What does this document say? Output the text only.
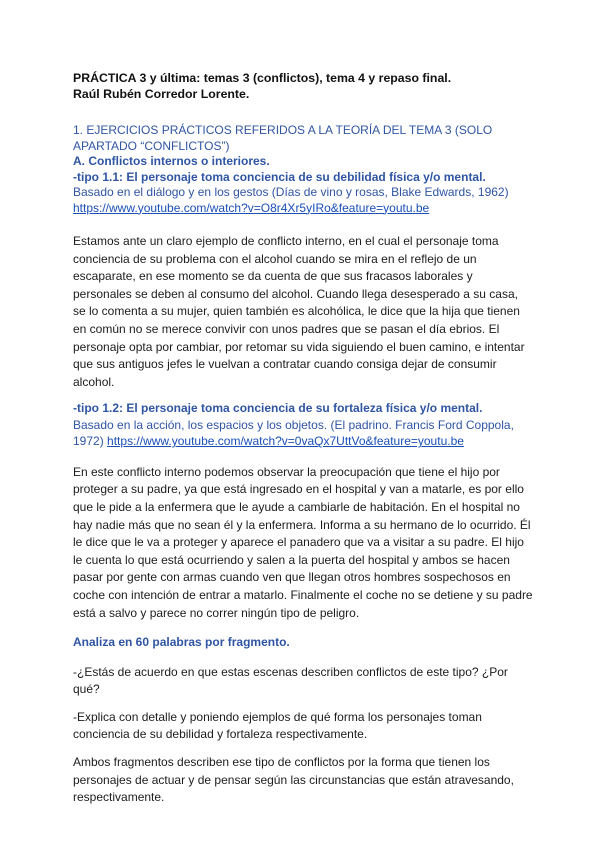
PRÁCTICA 3 y última: temas 3 (conflictos), tema 4 y repaso final.

Raúl Rubén Corredor Lorente.

1. EJERCICIOS PRÁCTICOS REFERIDOS A LA TEORÍA DEL TEMA 3 (SOLO APARTADO “CONFLICTOS”)

A. Conflictos internos o interiores.

-tipo 1.1: El personaje toma conciencia de su debilidad física y/o mental.

Basado en el diálogo y en los gestos (Días de vino y rosas, Blake Edwards, 1962)

https://www.youtube.com/watch?v=O8r4Xr5yIRo&feature=youtu.be

Estamos ante un claro ejemplo de conflicto interno, en el cual el personaje toma conciencia de su problema con el alcohol cuando se mira en el reflejo de un escaparate, en ese momento se da cuenta de que sus fracasos laborales y personales se deben al consumo del alcohol. Cuando llega desesperado a su casa, se lo comenta a su mujer, quien también es alcohólica, le dice que la hija que tienen en común no se merece convivir con unos padres que se pasan el día ebrios. El personaje opta por cambiar, por retomar su vida siguiendo el buen camino, e intentar que sus antiguos jefes le vuelvan a contratar cuando consiga dejar de consumir alcohol.

-tipo 1.2: El personaje toma conciencia de su fortaleza física y/o mental.

Basado en la acción, los espacios y los objetos. (El padrino. Francis Ford Coppola, 1972) https://www.youtube.com/watch?v=0vaQx7UttVo&feature=youtu.be

En este conflicto interno podemos observar la preocupación que tiene el hijo por proteger a su padre, ya que está ingresado en el hospital y van a matarle, es por ello que le pide a la enfermera que le ayude a cambiarle de habitación. En el hospital no hay nadie más que no sean él y la enfermera. Informa a su hermano de lo ocurrido. Él le dice que le va a proteger y aparece el panadero que va a visitar a su padre. El hijo le cuenta lo que está ocurriendo y salen a la puerta del hospital y ambos se hacen pasar por gente con armas cuando ven que llegan otros hombres sospechosos en coche con intención de entrar a matarlo. Finalmente el coche no se detiene y su padre está a salvo y parece no correr ningún tipo de peligro.

Analiza en 60 palabras por fragmento.

-¿Estás de acuerdo en que estas escenas describen conflictos de este tipo? ¿Por qué?

-Explica con detalle y poniendo ejemplos de qué forma los personajes toman conciencia de su debilidad y fortaleza respectivamente.

Ambos fragmentos describen ese tipo de conflictos por la forma que tienen los personajes de actuar y de pensar según las circunstancias que están atravesando, respectivamente.
